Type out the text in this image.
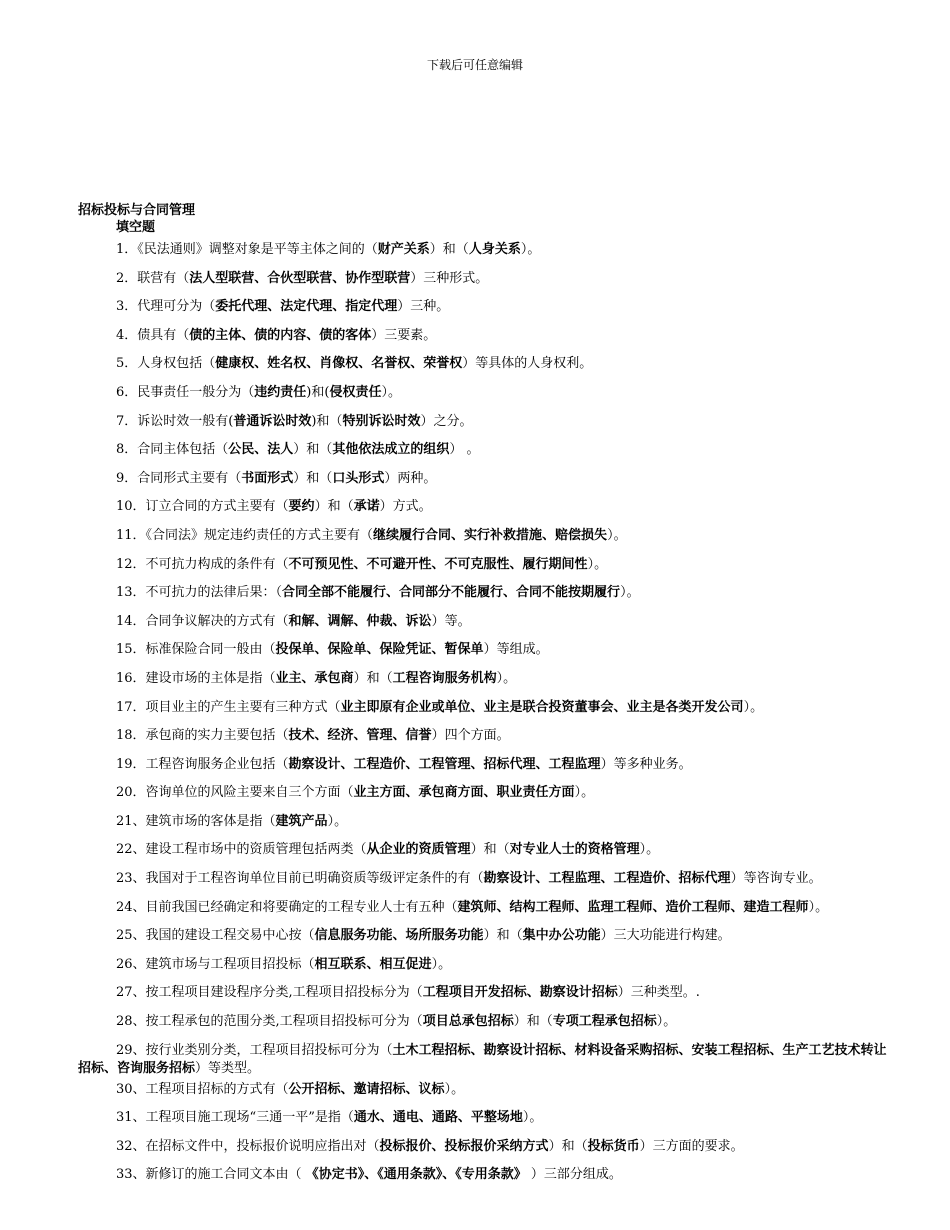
下载后可任意编辑
招标投标与合同管理
填空题
1．《民法通则》调整对象是平等主体之间的（财产关系）和（人身关系）。
2．联营有（法人型联营、合伙型联营、协作型联营）三种形式。
3．代理可分为（委托代理、法定代理、指定代理）三种。
4．债具有（债的主体、债的内容、债的客体）三要素。
5．人身权包括（健康权、姓名权、肖像权、名誉权、荣誉权）等具体的人身权利。
6．民事责任一般分为（违约责任)和(侵权责任）。
7．诉讼时效一般有(普通诉讼时效)和（特别诉讼时效）之分。
8．合同主体包括（公民、法人）和（其他依法成立的组织） 。
9．合同形式主要有（书面形式）和（口头形式）两种。
10．订立合同的方式主要有（要约）和（承诺）方式。
11．《合同法》规定违约责任的方式主要有（继续履行合同、实行补救措施、赔偿损失）。
12．不可抗力构成的条件有（不可预见性、不可避开性、不可克服性、履行期间性）。
13．不可抗力的法律后果：（合同全部不能履行、合同部分不能履行、合同不能按期履行）。
14．合同争议解决的方式有（和解、调解、仲裁、诉讼）等。
15．标准保险合同一般由（投保单、保险单、保险凭证、暂保单）等组成。
16．建设市场的主体是指（业主、承包商）和（工程咨询服务机构）。
17．项目业主的产生主要有三种方式（业主即原有企业或单位、业主是联合投资董事会、业主是各类开发公司）。
18．承包商的实力主要包括（技术、经济、管理、信誉）四个方面。
19．工程咨询服务企业包括（勘察设计、工程造价、工程管理、招标代理、工程监理）等多种业务。
20．咨询单位的风险主要来自三个方面（业主方面、承包商方面、职业责任方面）。
21、建筑市场的客体是指（建筑产品）。
22、建设工程市场中的资质管理包括两类（从企业的资质管理）和（对专业人士的资格管理）。
23、我国对于工程咨询单位目前已明确资质等级评定条件的有（勘察设计、工程监理、工程造价、招标代理）等咨询专业。
24、目前我国已经确定和将要确定的工程专业人士有五种（建筑师、结构工程师、监理工程师、造价工程师、建造工程师）。
25、我国的建设工程交易中心按（信息服务功能、场所服务功能）和（集中办公功能）三大功能进行构建。
26、建筑市场与工程项目招投标（相互联系、相互促进）。
27、按工程项目建设程序分类,工程项目招投标分为（工程项目开发招标、勘察设计招标）三种类型。.
28、按工程承包的范围分类,工程项目招投标可分为（项目总承包招标）和（专项工程承包招标）。
29、按行业类别分类，工程项目招投标可分为（土木工程招标、勘察设计招标、材料设备采购招标、安装工程招标、生产工艺技术转让招标、咨询服务招标）等类型。
30、工程项目招标的方式有（公开招标、邀请招标、议标）。
31、工程项目施工现场“三通一平”是指（通水、通电、通路、平整场地）。
32、在招标文件中，投标报价说明应指出对（投标报价、投标报价采纳方式）和（投标货币）三方面的要求。
33、新修订的施工合同文本由（ 《协定书》、《通用条款》、《专用条款》 ）三部分组成。
